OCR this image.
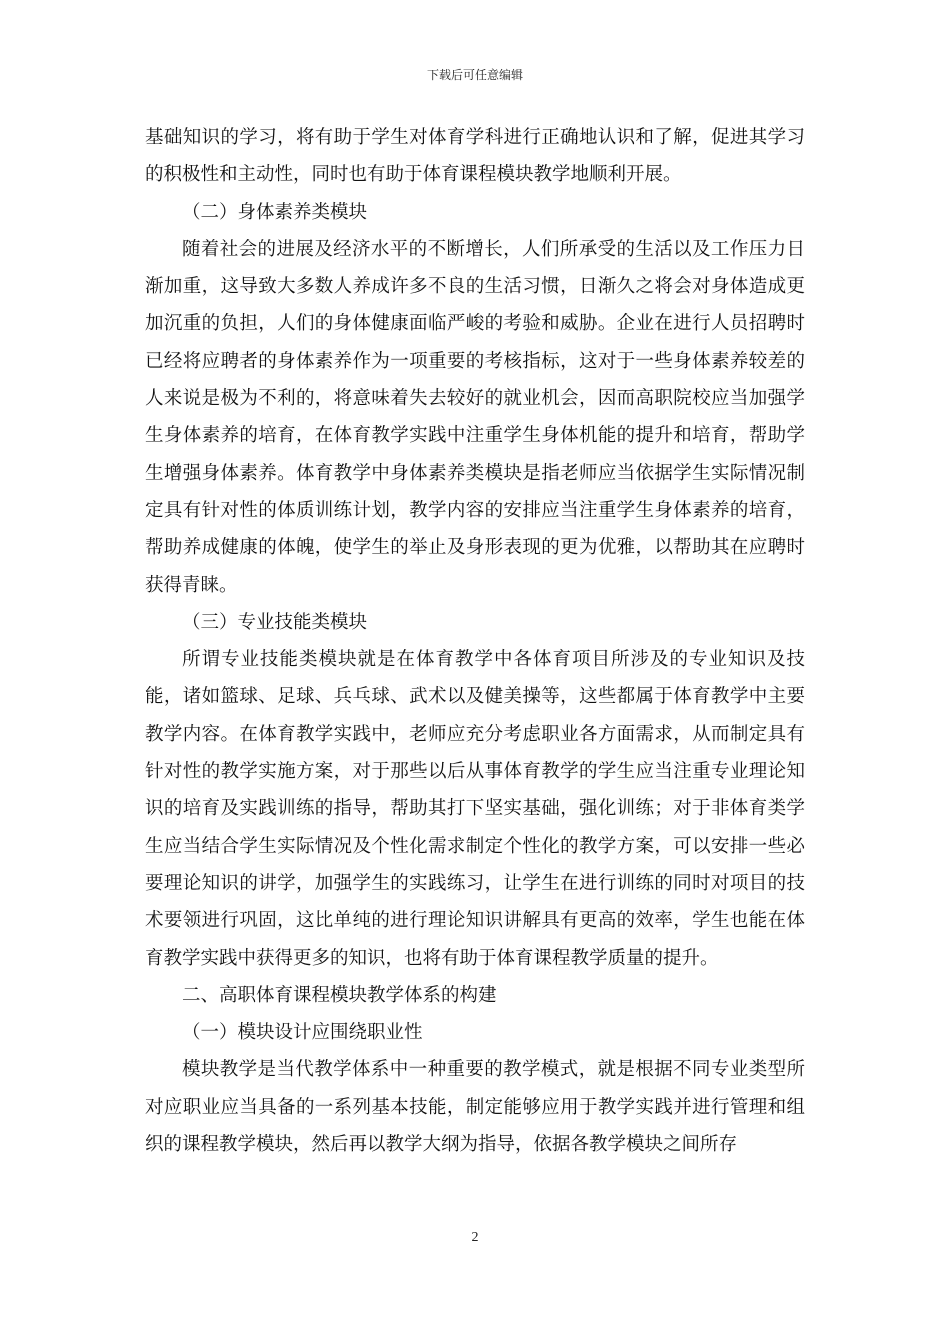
下载后可任意编辑

基础知识的学习，将有助于学生对体育学科进行正确地认识和了解，促进其学习的积极性和主动性，同时也有助于体育课程模块教学地顺利开展。

（二）身体素养类模块

随着社会的进展及经济水平的不断增长，人们所承受的生活以及工作压力日渐加重，这导致大多数人养成许多不良的生活习惯，日渐久之将会对身体造成更加沉重的负担，人们的身体健康面临严峻的考验和威胁。企业在进行人员招聘时已经将应聘者的身体素养作为一项重要的考核指标，这对于一些身体素养较差的人来说是极为不利的，将意味着失去较好的就业机会，因而高职院校应当加强学生身体素养的培育，在体育教学实践中注重学生身体机能的提升和培育，帮助学生增强身体素养。体育教学中身体素养类模块是指老师应当依据学生实际情况制定具有针对性的体质训练计划，教学内容的安排应当注重学生身体素养的培育，帮助养成健康的体魄，使学生的举止及身形表现的更为优雅，以帮助其在应聘时获得青睐。

（三）专业技能类模块

所谓专业技能类模块就是在体育教学中各体育项目所涉及的专业知识及技能，诸如篮球、足球、兵乓球、武术以及健美操等，这些都属于体育教学中主要教学内容。在体育教学实践中，老师应充分考虑职业各方面需求，从而制定具有针对性的教学实施方案，对于那些以后从事体育教学的学生应当注重专业理论知识的培育及实践训练的指导，帮助其打下坚实基础，强化训练；对于非体育类学生应当结合学生实际情况及个性化需求制定个性化的教学方案，可以安排一些必要理论知识的讲学，加强学生的实践练习，让学生在进行训练的同时对项目的技术要领进行巩固，这比单纯的进行理论知识讲解具有更高的效率，学生也能在体育教学实践中获得更多的知识，也将有助于体育课程教学质量的提升。

二、高职体育课程模块教学体系的构建

（一）模块设计应围绕职业性

模块教学是当代教学体系中一种重要的教学模式，就是根据不同专业类型所对应职业应当具备的一系列基本技能，制定能够应用于教学实践并进行管理和组织的课程教学模块，然后再以教学大纲为指导，依据各教学模块之间所存

2
